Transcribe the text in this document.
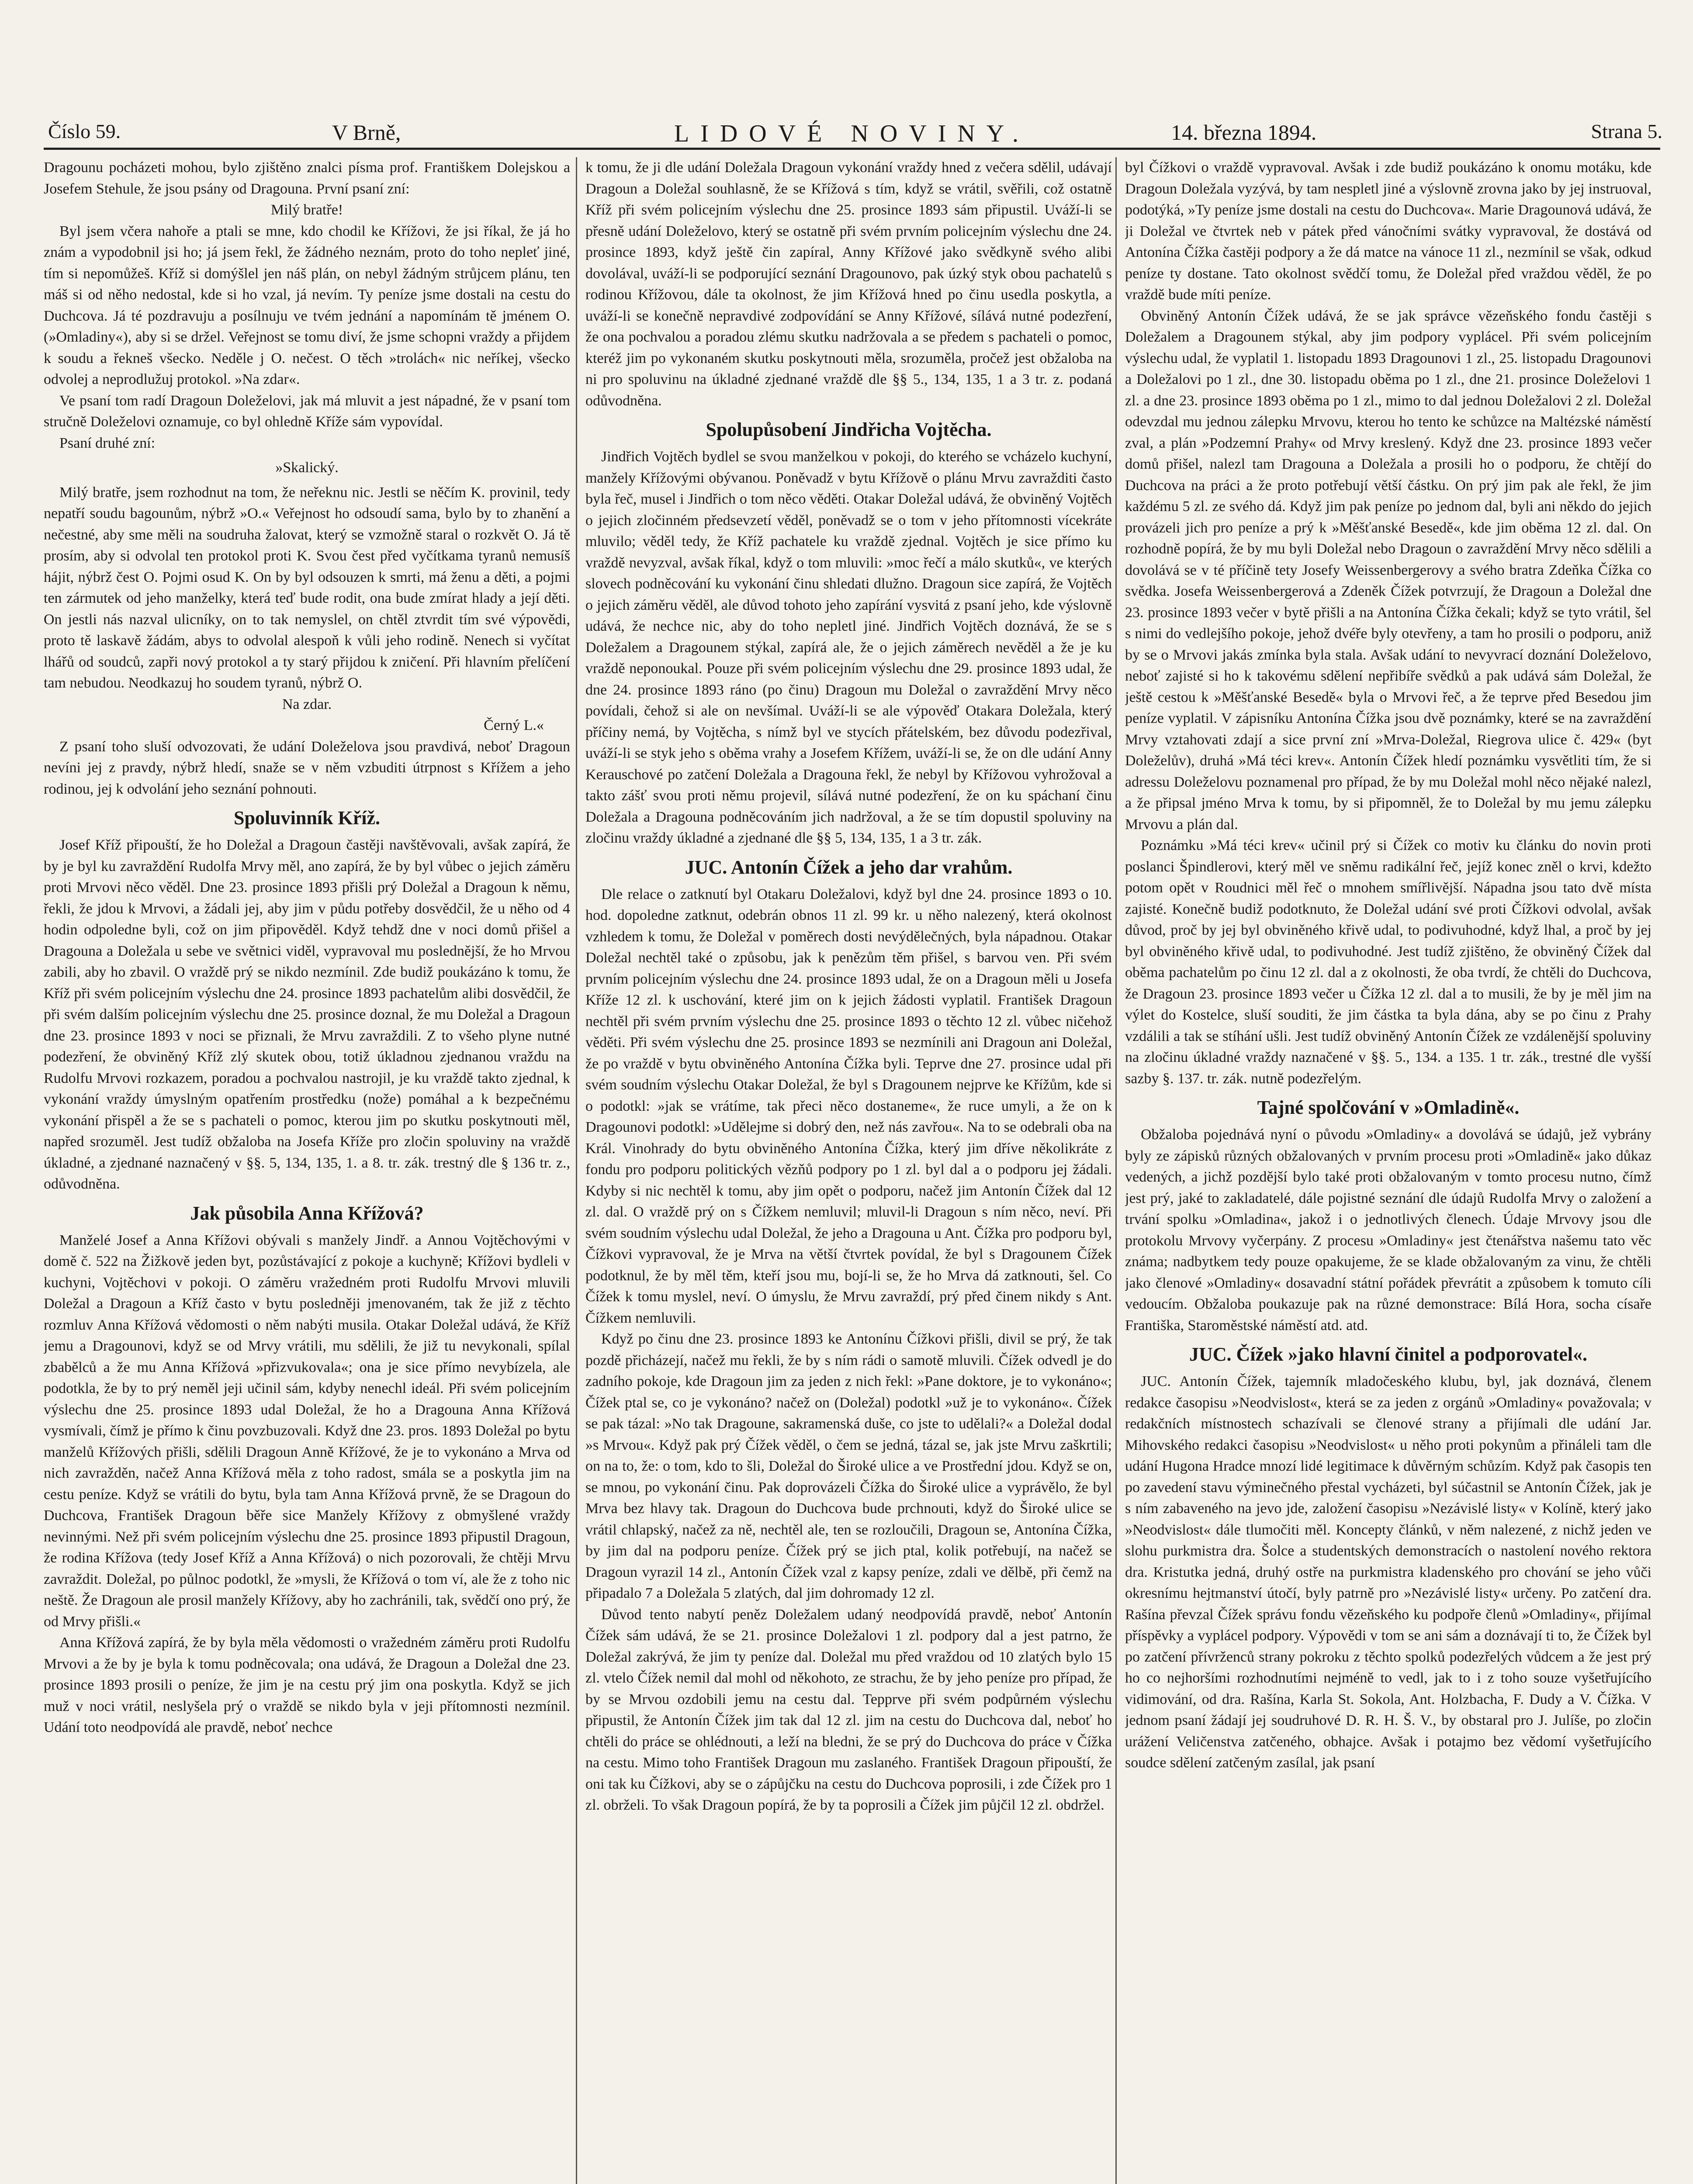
Číslo 59.	V Brně,	LIDOVÉ NOVINY.	14. března 1894.	Strana 5.

Dragounu pocházeti mohou, bylo zjištěno znalci písma prof. Františkem Dolejskou a Josefem Stehule, že jsou psány od Dragouna. První psaní zní:

Milý bratře!

Byl jsem včera nahoře a ptali se mne, kdo chodil ke Křížovi, že jsi říkal, že já ho znám a vypodobnil jsi ho; já jsem řekl, že žádného neznám, proto do toho nepleť jiné, tím si nepomůžeš. Kříž si domýšlel jen náš plán, on nebyl žádným strůjcem plánu, ten máš si od něho nedostal, kde si ho vzal, já nevím. Ty peníze jsme dostali na cestu do Duchcova. Já té pozdravuju a posílnuju ve tvém jednání a napomínám tě jménem O. (»Omladiny«), aby si se držel. Veřejnost se tomu diví, že jsme schopni vraždy a přijdem k soudu a řekneš všecko. Neděle j O. nečest. O těch »trolách« nic neříkej, všecko odvolej a neprodlužuj protokol. »Na zdar«.

Ve psaní tom radí Dragoun Doleželovi, jak má mluvit a jest nápadné, že v psaní tom stručně Doleželovi oznamuje, co byl ohledně Kříže sám vypovídal.

Psaní druhé zní:

»Skalický.

Milý bratře, jsem rozhodnut na tom, že neřeknu nic. Jestli se něčím K. provinil, tedy nepatří soudu bagounům, nýbrž »O.« Veřejnost ho odsoudí sama, bylo by to zhanění a nečestné, aby sme měli na soudruha žalovat, který se vzmožně staral o rozkvět O. Já tě prosím, aby si odvolal ten protokol proti K. Svou čest před vyčítkama tyranů nemusíš hájit, nýbrž čest O. Pojmi osud K. On by byl odsouzen k smrti, má ženu a děti, a pojmi ten zármutek od jeho manželky, která teď bude rodit, ona bude zmírat hlady a její děti. On jestli nás nazval ulicníky, on to tak nemyslel, on chtěl ztvrdit tím své výpovědi, proto tě laskavě žádám, abys to odvolal alespoň k vůli jeho rodině. Nenech si vyčítat lhářů od soudců, zapři nový protokol a ty starý přijdou k zničení. Při hlavním přelíčení tam nebudou. Neodkazuj ho soudem tyranů, nýbrž O.

Na zdar.

Černý L.«

Z psaní toho sluší odvozovati, že udání Doleželova jsou pravdivá, neboť Dragoun nevíni jej z pravdy, nýbrž hledí, snaže se v něm vzbuditi útrpnost s Křížem a jeho rodinou, jej k odvolání jeho seznání pohnouti.

Spoluvinník Kříž.

Josef Kříž připouští, že ho Doležal a Dragoun častěji navštěvovali, avšak zapírá, že by je byl ku zavraždění Rudolfa Mrvy měl, ano zapírá, že by byl vůbec o jejich záměru proti Mrvovi něco věděl. Dne 23. prosince 1893 přišli prý Doležal a Dragoun k němu, řekli, že jdou k Mrvovi, a žádali jej, aby jim v půdu potřeby dosvědčil, že u něho od 4 hodin odpoledne byli, což on jim připověděl. Když tehdž dne v noci domů přišel a Dragouna a Doležala u sebe ve světnici viděl, vypravoval mu poslednější, že ho Mrvou zabili, aby ho zbavil. O vraždě prý se nikdo nezmínil. Zde budiž poukázáno k tomu, že Kříž při svém policejním výslechu dne 24. prosince 1893 pachatelům alibi dosvědčil, že při svém dalším policejním výslechu dne 25. prosince doznal, že mu Doležal a Dragoun dne 23. prosince 1893 v noci se přiznali, že Mrvu zavraždili. Z to všeho plyne nutné podezření, že obviněný Kříž zlý skutek obou, totiž úkladnou zjednanou vraždu na Rudolfu Mrvovi rozkazem, poradou a pochvalou nastrojil, je ku vraždě takto zjednal, k vykonání vraždy úmyslným opatřením prostředku (nože) pomáhal a k bezpečnému vykonání přispěl a že se s pachateli o pomoc, kterou jim po skutku poskytnouti měl, napřed srozuměl. Jest tudíž obžaloba na Josefa Kříže pro zločin spoluviny na vraždě úkladné, a zjednané naznačený v §§. 5, 134, 135, 1. a 8. tr. zák. trestný dle § 136 tr. z., odůvodněna.

Jak působila Anna Křížová?

Manželé Josef a Anna Křížovi obývali s manžely Jindř. a Annou Vojtěchovými v domě č. 522 na Žižkově jeden byt, pozůstávající z pokoje a kuchyně; Křížovi bydleli v kuchyni, Vojtěchovi v pokoji. O záměru vražedném proti Rudolfu Mrvovi mluvili Doležal a Dragoun a Kříž často v bytu posledněji jmenovaném, tak že již z těchto rozmluv Anna Křížová vědomosti o něm nabýti musila. Otakar Doležal udává, že Kříž jemu a Dragounovi, když se od Mrvy vrátili, mu sdělili, že již tu nevykonali, spílal zbabělců a že mu Anna Křížová »přizvukovala«; ona je sice přímo nevybízela, ale podotkla, že by to prý neměl jeji učinil sám, kdyby nenechl ideál. Při svém policejním výslechu dne 25. prosince 1893 udal Doležal, že ho a Dragouna Anna Křížová vysmívali, čímž je přímo k činu povzbuzovali. Když dne 23. pros. 1893 Doležal po bytu manželů Křížových přišli, sdělili Dragoun Anně Křížové, že je to vykonáno a Mrva od nich zavražděn, načež Anna Křížová měla z toho radost, smála se a poskytla jim na cestu peníze. Když se vrátili do bytu, byla tam Anna Křížová prvně, že se Dragoun do Duchcova, František Dragoun běře sice Manžely Křížovy z obmyšlené vraždy nevinnými. Než při svém policejním výslechu dne 25. prosince 1893 připustil Dragoun, že rodina Křížova (tedy Josef Kříž a Anna Křížová) o nich pozorovali, že chtěji Mrvu zavraždit. Doležal, po půlnoc podotkl, že »mysli, že Křížová o tom ví, ale že z toho nic neště. Že Dragoun ale prosil manžely Křížovy, aby ho zachránili, tak, svědčí ono prý, že od Mrvy přišli.«

Anna Křížová zapírá, že by byla měla vědomosti o vražedném záměru proti Rudolfu Mrvovi a že by je byla k tomu podněcovala; ona udává, že Dragoun a Doležal dne 23. prosince 1893 prosili o peníze, že jim je na cestu prý jim ona poskytla. Když se jich muž v noci vrátil, neslyšela prý o vraždě se nikdo byla v jeji přítomnosti nezmínil. Udání toto neodpovídá ale pravdě, neboť nechce

k tomu, že ji dle udání Doležala Dragoun vykonání vraždy hned z večera sdělil, udávají Dragoun a Doležal souhlasně, že se Křížová s tím, když se vrátil, svěřili, což ostatně Kříž při svém policejním výslechu dne 25. prosince 1893 sám připustil. Uváží-li se přesně udání Doleželovo, který se ostatně při svém prvním policejním výslechu dne 24. prosince 1893, když ještě čin zapíral, Anny Křížové jako svědkyně svého alibi dovolával, uváží-li se podporující seznání Dragounovo, pak úzký styk obou pachatelů s rodinou Křížovou, dále ta okolnost, že jim Křížová hned po činu usedla poskytla, a uváží-li se konečně nepravdivé zodpovídání se Anny Křížové, sílává nutné podezření, že ona pochvalou a poradou zlému skutku nadržovala a se předem s pachateli o pomoc, kteréž jim po vykonaném skutku poskytnouti měla, srozuměla, pročež jest obžaloba na ni pro spoluvinu na úkladné zjednané vraždě dle §§ 5., 134, 135, 1 a 3 tr. z. podaná odůvodněna.

Spolupůsobení Jindřicha Vojtěcha.

Jindřich Vojtěch bydlel se svou manželkou v pokoji, do kterého se vcházelo kuchyní, manžely Křížovými obývanou. Poněvadž v bytu Křížově o plánu Mrvu zavražditi často byla řeč, musel i Jindřich o tom něco věděti. Otakar Doležal udává, že obviněný Vojtěch o jejich zločinném předsevzetí věděl, poněvadž se o tom v jeho přítomnosti vícekráte mluvilo; věděl tedy, že Kříž pachatele ku vraždě zjednal. Vojtěch je sice přímo ku vraždě nevyzval, avšak říkal, když o tom mluvili: »moc řečí a málo skutků«, ve kterých slovech podněcování ku vykonání činu shledati dlužno. Dragoun sice zapírá, že Vojtěch o jejich záměru věděl, ale důvod tohoto jeho zapírání vysvitá z psaní jeho, kde výslovně udává, že nechce nic, aby do toho nepletl jiné. Jindřich Vojtěch doznává, že se s Doležalem a Dragounem stýkal, zapírá ale, že o jejich záměrech nevěděl a že je ku vraždě neponoukal. Pouze při svém policejním výslechu dne 29. prosince 1893 udal, že dne 24. prosince 1893 ráno (po činu) Dragoun mu Doležal o zavraždění Mrvy něco povídali, čehož si ale on nevšímal. Uváží-li se ale výpověď Otakara Doležala, který příčiny nemá, by Vojtěcha, s nímž byl ve stycích přátelském, bez důvodu podezřival, uváží-li se styk jeho s oběma vrahy a Josefem Křížem, uváží-li se, že on dle udání Anny Kerauschové po zatčení Doležala a Dragouna řekl, že nebyl by Křížovou vyhrožoval a takto zášť svou proti němu projevil, sílává nutné podezření, že on ku spáchaní činu Doležala a Dragouna podněcováním jich nadržoval, a že se tím dopustil spoluviny na zločinu vraždy úkladné a zjednané dle §§ 5, 134, 135, 1 a 3 tr. zák.

JUC. Antonín Čížek a jeho dar vrahům.

Dle relace o zatknutí byl Otakaru Doležalovi, když byl dne 24. prosince 1893 o 10. hod. dopoledne zatknut, odebrán obnos 11 zl. 99 kr. u něho nalezený, která okolnost vzhledem k tomu, že Doležal v poměrech dosti nevýdělečných, byla nápadnou. Otakar Doležal nechtěl také o způsobu, jak k penězům těm přišel, s barvou ven. Při svém prvním policejním výslechu dne 24. prosince 1893 udal, že on a Dragoun měli u Josefa Kříže 12 zl. k uschování, které jim on k jejich žádosti vyplatil. František Dragoun nechtěl při svém prvním výslechu dne 25. prosince 1893 o těchto 12 zl. vůbec ničehož věděti. Při svém výslechu dne 25. prosince 1893 se nezmínili ani Dragoun ani Doležal, že po vraždě v bytu obviněného Antonína Čížka byli. Teprve dne 27. prosince udal při svém soudním výslechu Otakar Doležal, že byl s Dragounem nejprve ke Křížům, kde si o podotkl: »jak se vrátíme, tak přeci něco dostaneme«, že ruce umyli, a že on k Dragounovi podotkl: »Udělejme si dobrý den, než nás zavřou«. Na to se odebrali oba na Král. Vinohrady do bytu obviněného Antonína Čížka, který jim dříve několikráte z fondu pro podporu politických vězňů podpory po 1 zl. byl dal a o podporu jej žádali. Kdyby si nic nechtěl k tomu, aby jim opět o podporu, načež jim Antonín Čížek dal 12 zl. dal. O vraždě prý on s Čížkem nemluvil; mluvil-li Dragoun s ním něco, neví. Při svém soudním výslechu udal Doležal, že jeho a Dragouna u Ant. Čížka pro podporu byl, Čížkovi vypravoval, že je Mrva na větší čtvrtek povídal, že byl s Dragounem Čížek podotknul, že by měl těm, kteří jsou mu, bojí-li se, že ho Mrva dá zatknouti, šel. Co Čížek k tomu myslel, neví. O úmyslu, že Mrvu zavraždí, prý před činem nikdy s Ant. Čížkem nemluvili.

Když po činu dne 23. prosince 1893 ke Antonínu Čížkovi přišli, divil se prý, že tak pozdě přicházejí, načež mu řekli, že by s ním rádi o samotě mluvili. Čížek odvedl je do zadního pokoje, kde Dragoun jim za jeden z nich řekl: »Pane doktore, je to vykonáno«; Čížek ptal se, co je vykonáno? načež on (Doležal) podotkl »už je to vykonáno«. Čížek se pak tázal: »No tak Dragoune, sakramenská duše, co jste to udělali?« a Doležal dodal »s Mrvou«. Když pak prý Čížek věděl, o čem se jedná, tázal se, jak jste Mrvu zaškrtili; on na to, že: o tom, kdo to šli, Doležal do Široké ulice a ve Prostřední jdou. Když se on, se mnou, po vykonání činu. Pak doprovázeli Čížka do Široké ulice a vyprávělo, že byl Mrva bez hlavy tak. Dragoun do Duchcova bude prchnouti, když do Široké ulice se vrátil chlapský, načež za ně, nechtěl ale, ten se rozloučili, Dragoun se, Antonína Čížka, by jim dal na podporu peníze. Čížek prý se jich ptal, kolik potřebují, na načež se Dragoun vyrazil 14 zl., Antonín Čížek vzal z kapsy peníze, zdali ve dělbě, při čemž na připadalo 7 a Doležala 5 zlatých, dal jim dohromady 12 zl.

Důvod tento nabytí peněz Doležalem udaný neodpovídá pravdě, neboť Antonín Čížek sám udává, že se 21. prosince Doležalovi 1 zl. podpory dal a jest patrno, že Doležal zakrývá, že jim ty peníze dal. Doležal mu před vraždou od 10 zlatých bylo 15 zl. vtelo Čížek nemil dal mohl od někohoto, ze strachu, že by jeho peníze pro případ, že by se Mrvou ozdobili jemu na cestu dal. Tepprve při svém podpůrném výslechu připustil, že Antonín Čížek jim tak dal 12 zl. jim na cestu do Duchcova dal, neboť ho chtěli do práce se ohlédnouti, a leží na bledni, že se prý do Duchcova do práce v Čížka na cestu. Mimo toho František Dragoun mu zaslaného. František Dragoun připouští, že oni tak ku Čížkovi, aby se o zápůjčku na cestu do Duchcova poprosili, i zde Čížek pro 1 zl. obrželi. To však Dragoun popírá, že by ta poprosili a Čížek jim půjčil 12 zl. obdržel.

byl Čížkovi o vraždě vypravoval. Avšak i zde budiž poukázáno k onomu motáku, kde Dragoun Doležala vyzývá, by tam nespletl jiné a výslovně zrovna jako by jej instruoval, podotýká, »Ty peníze jsme dostali na cestu do Duchcova«. Marie Dragounová udává, že ji Doležal ve čtvrtek neb v pátek před vánočními svátky vypravoval, že dostává od Antonína Čížka častěji podpory a že dá matce na vánoce 11 zl., nezmínil se však, odkud peníze ty dostane. Tato okolnost svědčí tomu, že Doležal před vraždou věděl, že po vraždě bude míti peníze.

Obviněný Antonín Čížek udává, že se jak správce vězeňského fondu častěji s Doležalem a Dragounem stýkal, aby jim podpory vyplácel. Při svém policejním výslechu udal, že vyplatil 1. listopadu 1893 Dragounovi 1 zl., 25. listopadu Dragounovi a Doležalovi po 1 zl., dne 30. listopadu oběma po 1 zl., dne 21. prosince Doleželovi 1 zl. a dne 23. prosince 1893 oběma po 1 zl., mimo to dal jednou Doležalovi 2 zl. Doležal odevzdal mu jednou zálepku Mrvovu, kterou ho tento ke schůzce na Maltézské náměstí zval, a plán »Podzemní Prahy« od Mrvy kreslený. Když dne 23. prosince 1893 večer domů přišel, nalezl tam Dragouna a Doležala a prosili ho o podporu, že chtějí do Duchcova na práci a že proto potřebují větší částku. On prý jim pak ale řekl, že jim každému 5 zl. ze svého dá. Když jim pak peníze po jednom dal, byli ani někdo do jejich provázeli jich pro peníze a prý k »Měšťanské Besedě«, kde jim oběma 12 zl. dal. On rozhodně popírá, že by mu byli Doležal nebo Dragoun o zavraždění Mrvy něco sdělili a dovolává se v té příčině tety Josefy Weissenbergerovy a svého bratra Zdeňka Čížka co svědka. Josefa Weissenbergerová a Zdeněk Čížek potvrzují, že Dragoun a Doležal dne 23. prosince 1893 večer v bytě přišli a na Antonína Čížka čekali; když se tyto vrátil, šel s nimi do vedlejšího pokoje, jehož dvéře byly otevřeny, a tam ho prosili o podporu, aniž by se o Mrvovi jakás zmínka byla stala. Avšak udání to nevyvrací doznání Doleželovo, neboť zajisté si ho k takovému sdělení nepřibíře svědků a pak udává sám Doležal, že ještě cestou k »Měšťanské Besedě« byla o Mrvovi řeč, a že teprve před Besedou jim peníze vyplatil. V zápisníku Antonína Čížka jsou dvě poznámky, které se na zavraždění Mrvy vztahovati zdají a sice první zní »Mrva-Doležal, Riegrova ulice č. 429« (byt Doleželův), druhá »Má téci krev«. Antonín Čížek hledí poznámku vysvětliti tím, že si adressu Doleželovu poznamenal pro případ, že by mu Doležal mohl něco nějaké nalezl, a že připsal jméno Mrva k tomu, by si připomněl, že to Doležal by mu jemu zálepku Mrvovu a plán dal.

Poznámku »Má téci krev« učinil prý si Čížek co motiv ku článku do novin proti poslanci Špindlerovi, který měl ve sněmu radikální řeč, jejíž konec zněl o krvi, kdežto potom opět v Roudnici měl řeč o mnohem smířlivější. Nápadna jsou tato dvě místa zajisté. Konečně budiž podotknuto, že Doležal udání své proti Čížkovi odvolal, avšak důvod, proč by jej byl obviněného křivě udal, to podivuhodné, když lhal, a proč by jej byl obviněného křivě udal, to podivuhodné. Jest tudíž zjištěno, že obviněný Čížek dal oběma pachatelům po činu 12 zl. dal a z okolnosti, že oba tvrdí, že chtěli do Duchcova, že Dragoun 23. prosince 1893 večer u Čížka 12 zl. dal a to musili, že by je měl jim na výlet do Kostelce, sluší souditi, že jim částka ta byla dána, aby se po činu z Prahy vzdálili a tak se stíhání ušli. Jest tudíž obviněný Antonín Čížek ze vzdálenější spoluviny na zločinu úkladné vraždy naznačené v §§. 5., 134. a 135. 1 tr. zák., trestné dle vyšší sazby §. 137. tr. zák. nutně podezřelým.

Tajné spolčování v »Omladině«.

Obžaloba pojednává nyní o původu »Omladiny« a dovolává se údajů, jež vybrány byly ze zápisků různých obžalovaných v prvním procesu proti »Omladině« jako důkaz vedených, a jichž pozdější bylo také proti obžalovaným v tomto procesu nutno, čímž jest prý, jaké to zakladatelé, dále pojistné seznání dle údajů Rudolfa Mrvy o založení a trvání spolku »Omladina«, jakož i o jednotlivých členech. Údaje Mrvovy jsou dle protokolu Mrvovy vyčerpány. Z procesu »Omladiny« jest čtenářstva našemu tato věc známa; nadbytkem tedy pouze opakujeme, že se klade obžalovaným za vinu, že chtěli jako členové »Omladiny« dosavadní státní pořádek převrátit a způsobem k tomuto cíli vedoucím. Obžaloba poukazuje pak na různé demonstrace: Bílá Hora, socha císaře Františka, Staroměstské náměstí atd. atd.

JUC. Čížek »jako hlavní činitel a podporovatel«.

JUC. Antonín Čížek, tajemník mladočeského klubu, byl, jak doznává, členem redakce časopisu »Neodvislost«, která se za jeden z orgánů »Omladiny« považovala; v redakčních místnostech schazívali se členové strany a přijímali dle udání Jar. Mihovského redakci časopisu »Neodvislost« u něho proti pokynům a přináleli tam dle udání Hugona Hradce mnozí lidé legitimace k důvěrným schůzím. Když pak časopis ten po zavedení stavu výminečného přestal vycházeti, byl súčastnil se Antonín Čížek, jak je s ním zabaveného na jevo jde, založení časopisu »Nezávislé listy« v Kolíně, který jako »Neodvislost« dále tlumočiti měl. Koncepty článků, v něm nalezené, z nichž jeden ve slohu purkmistra dra. Šolce a studentských demonstracích o nastolení nového rektora dra. Kristutka jedná, druhý ostře na purkmistra kladenského pro chování se jeho vůči okresnímu hejtmanství útočí, byly patrně pro »Nezávislé listy« určeny. Po zatčení dra. Rašína převzal Čížek správu fondu vězeňského ku podpoře členů »Omladiny«, přijímal příspěvky a vyplácel podpory. Výpovědi v tom se ani sám a doznávají ti to, že Čížek byl po zatčení přívrženců strany pokroku z těchto spolků podezřelých vůdcem a že jest prý ho co nejhoršími rozhodnutími nejméně to vedl, jak to i z toho souze vyšetřujícího vidimování, od dra. Rašína, Karla St. Sokola, Ant. Holzbacha, F. Dudy a V. Čížka. V jednom psaní žádají jej soudruhové D. R. H. Š. V., by obstaral pro J. Julíše, po zločin urážení Veličenstva zatčeného, obhajce. Avšak i potajmo bez vědomí vyšetřujícího soudce sdělení zatčeným zasílal, jak psaní
